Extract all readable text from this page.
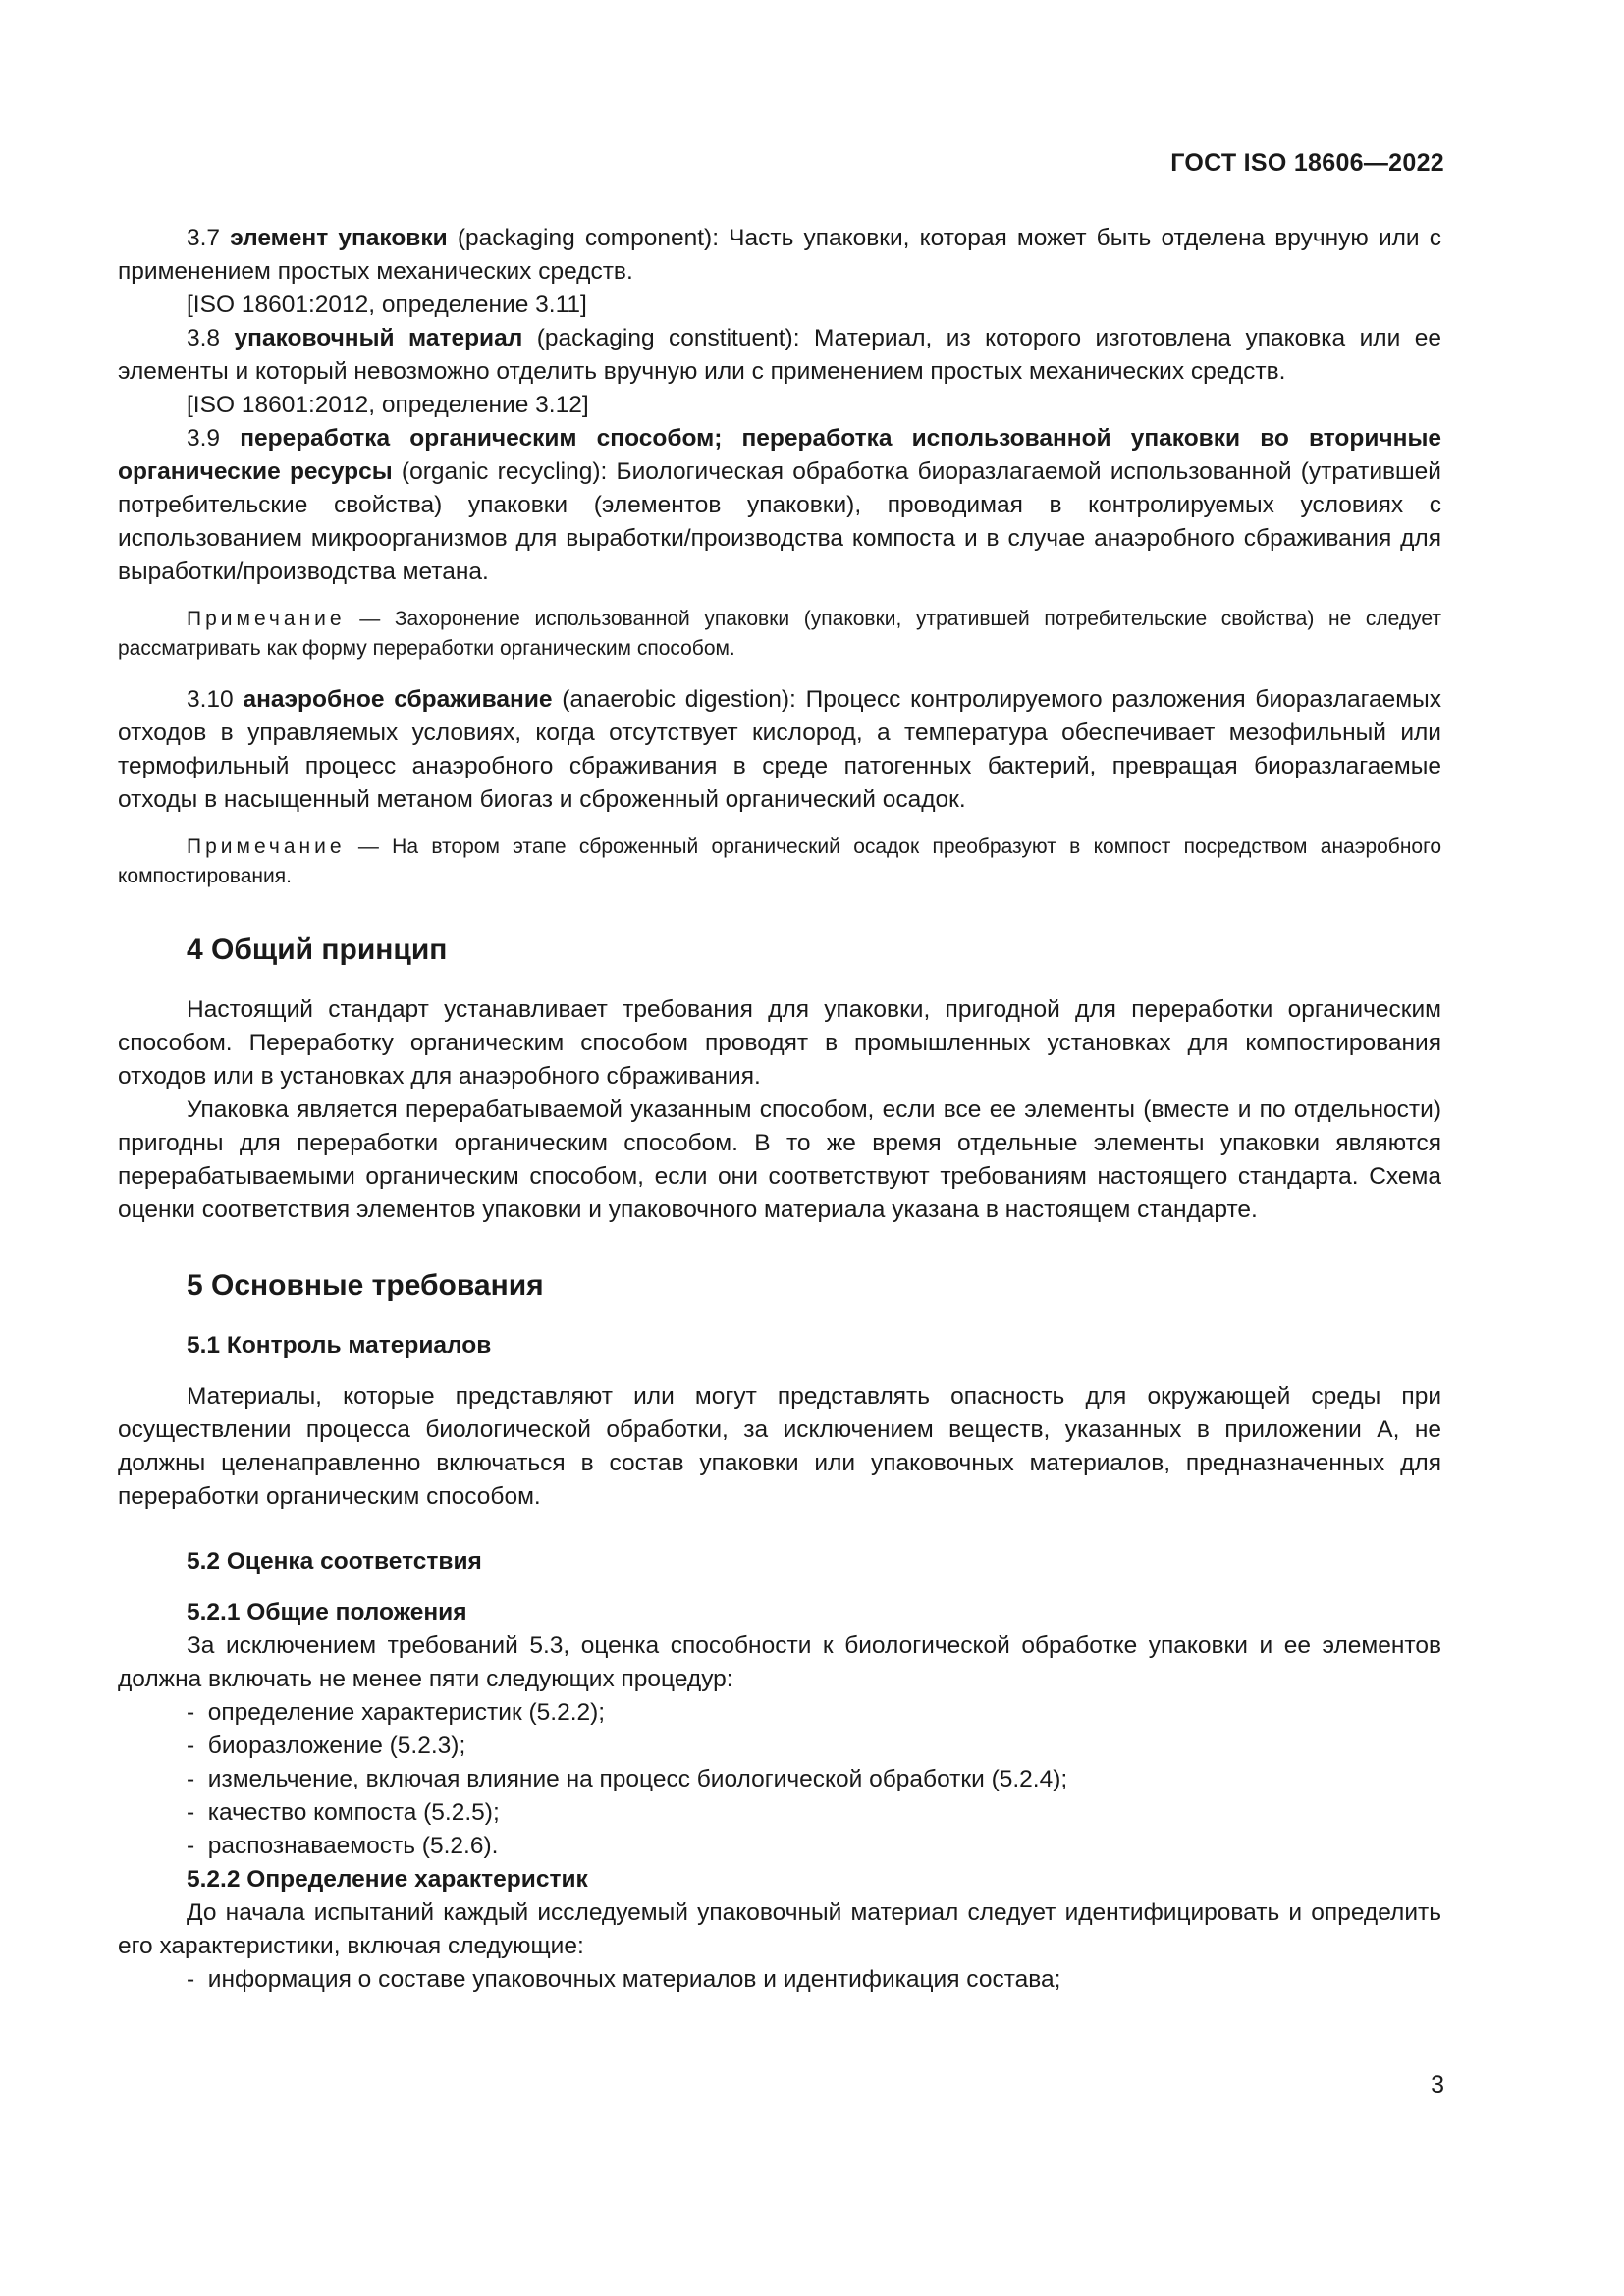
ГОСТ ISO 18606—2022

3.7 элемент упаковки (packaging component): Часть упаковки, которая может быть отделена вручную или с применением простых механических средств.

[ISO 18601:2012, определение 3.11]

3.8 упаковочный материал (packaging constituent): Материал, из которого изготовлена упаковка или ее элементы и который невозможно отделить вручную или с применением простых механических средств.

[ISO 18601:2012, определение 3.12]

3.9 переработка органическим способом; переработка использованной упаковки во вторичные органические ресурсы (organic recycling): Биологическая обработка биоразлагаемой использованной (утратившей потребительские свойства) упаковки (элементов упаковки), проводимая в контролируемых условиях с использованием микроорганизмов для выработки/производства компоста и в случае анаэробного сбраживания для выработки/производства метана.

Примечание — Захоронение использованной упаковки (упаковки, утратившей потребительские свойства) не следует рассматривать как форму переработки органическим способом.

3.10 анаэробное сбраживание (anaerobic digestion): Процесс контролируемого разложения биоразлагаемых отходов в управляемых условиях, когда отсутствует кислород, а температура обеспечивает мезофильный или термофильный процесс анаэробного сбраживания в среде патогенных бактерий, превращая биоразлагаемые отходы в насыщенный метаном биогаз и сброженный органический осадок.

Примечание — На втором этапе сброженный органический осадок преобразуют в компост посредством анаэробного компостирования.

4 Общий принцип

Настоящий стандарт устанавливает требования для упаковки, пригодной для переработки органическим способом. Переработку органическим способом проводят в промышленных установках для компостирования отходов или в установках для анаэробного сбраживания.

Упаковка является перерабатываемой указанным способом, если все ее элементы (вместе и по отдельности) пригодны для переработки органическим способом. В то же время отдельные элементы упаковки являются перерабатываемыми органическим способом, если они соответствуют требованиям настоящего стандарта. Схема оценки соответствия элементов упаковки и упаковочного материала указана в настоящем стандарте.

5 Основные требования
5.1 Контроль материалов

Материалы, которые представляют или могут представлять опасность для окружающей среды при осуществлении процесса биологической обработки, за исключением веществ, указанных в приложении А, не должны целенаправленно включаться в состав упаковки или упаковочных материалов, предназначенных для переработки органическим способом.

5.2 Оценка соответствия
5.2.1 Общие положения

За исключением требований 5.3, оценка способности к биологической обработке упаковки и ее элементов должна включать не менее пяти следующих процедур:

- определение характеристик (5.2.2);

- биоразложение (5.2.3);

- измельчение, включая влияние на процесс биологической обработки (5.2.4);

- качество компоста (5.2.5);

- распознаваемость (5.2.6).

5.2.2 Определение характеристик

До начала испытаний каждый исследуемый упаковочный материал следует идентифицировать и определить его характеристики, включая следующие:

- информация о составе упаковочных материалов и идентификация состава;

3
